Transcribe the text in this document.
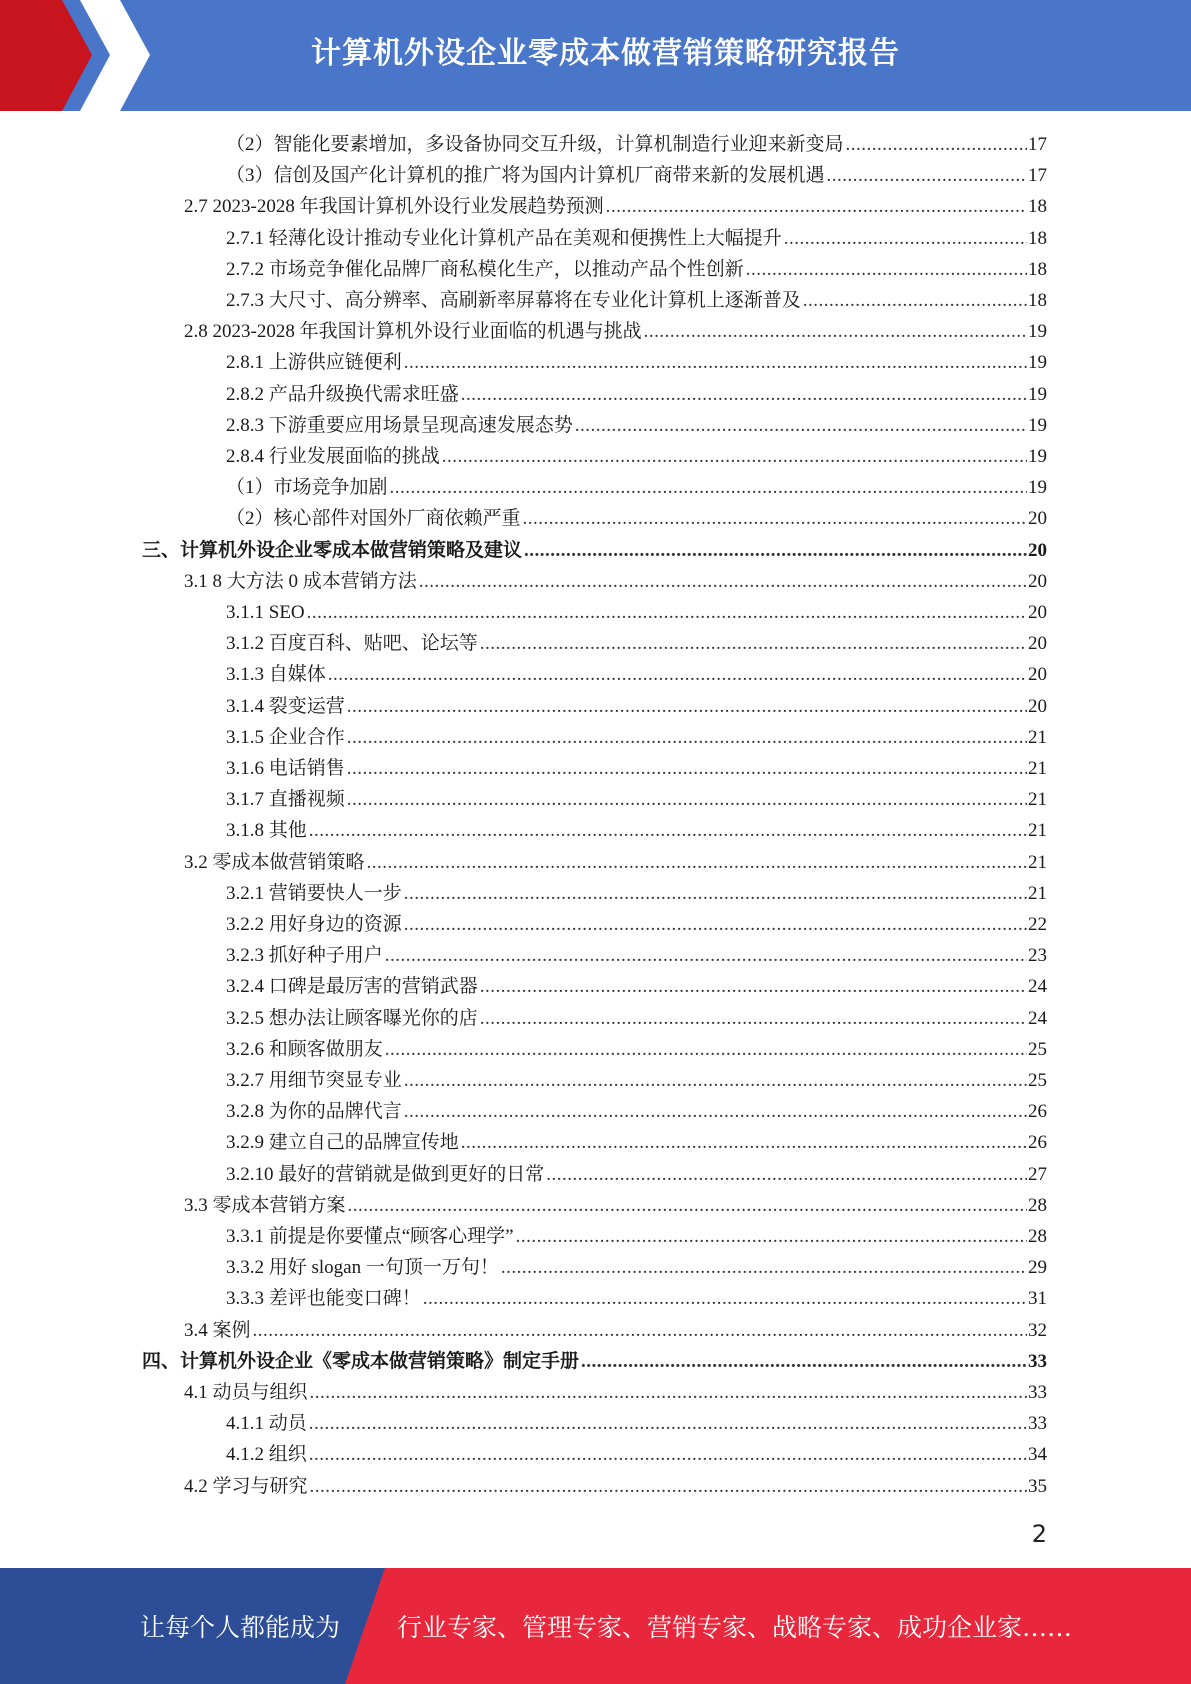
计算机外设企业零成本做营销策略研究报告
（2）智能化要素增加，多设备协同交互升级，计算机制造行业迎来新变局 .....	17
（3）信创及国产化计算机的推广将为国内计算机厂商带来新的发展机遇 .....	17
2.7 2023-2028 年我国计算机外设行业发展趋势预测 .....	18
2.7.1 轻薄化设计推动专业化计算机产品在美观和便携性上大幅提升 .....	18
2.7.2 市场竞争催化品牌厂商私模化生产，以推动产品个性创新 .....	18
2.7.3 大尺寸、高分辨率、高刷新率屏幕将在专业化计算机上逐渐普及 .....	18
2.8 2023-2028 年我国计算机外设行业面临的机遇与挑战 .....	19
2.8.1 上游供应链便利 .....	19
2.8.2 产品升级换代需求旺盛 .....	19
2.8.3 下游重要应用场景呈现高速发展态势 .....	19
2.8.4 行业发展面临的挑战 .....	19
（1）市场竞争加剧 .....	19
（2）核心部件对国外厂商依赖严重 .....	20
三、计算机外设企业零成本做营销策略及建议 .....	20
3.1 8 大方法 0 成本营销方法 .....	20
3.1.1 SEO .....	20
3.1.2 百度百科、贴吧、论坛等 .....	20
3.1.3 自媒体 .....	20
3.1.4 裂变运营 .....	20
3.1.5 企业合作 .....	21
3.1.6 电话销售 .....	21
3.1.7 直播视频 .....	21
3.1.8 其他 .....	21
3.2 零成本做营销策略 .....	21
3.2.1 营销要快人一步 .....	21
3.2.2 用好身边的资源 .....	22
3.2.3 抓好种子用户 .....	23
3.2.4 口碑是最厉害的营销武器 .....	24
3.2.5 想办法让顾客曝光你的店 .....	24
3.2.6 和顾客做朋友 .....	25
3.2.7 用细节突显专业 .....	25
3.2.8 为你的品牌代言 .....	26
3.2.9 建立自己的品牌宣传地 .....	26
3.2.10 最好的营销就是做到更好的日常 .....	27
3.3 零成本营销方案 .....	28
3.3.1 前提是你要懂点“顾客心理学” .....	28
3.3.2 用好 slogan 一句顶一万句！ .....	29
3.3.3 差评也能变口碑！ .....	31
3.4 案例 .....	32
四、计算机外设企业《零成本做营销策略》制定手册 .....	33
4.1 动员与组织 .....	33
4.1.1 动员 .....	33
4.1.2 组织 .....	34
4.2 学习与研究 .....	35
2
让每个人都能成为 行业专家、管理专家、营销专家、战略专家、成功企业家……
